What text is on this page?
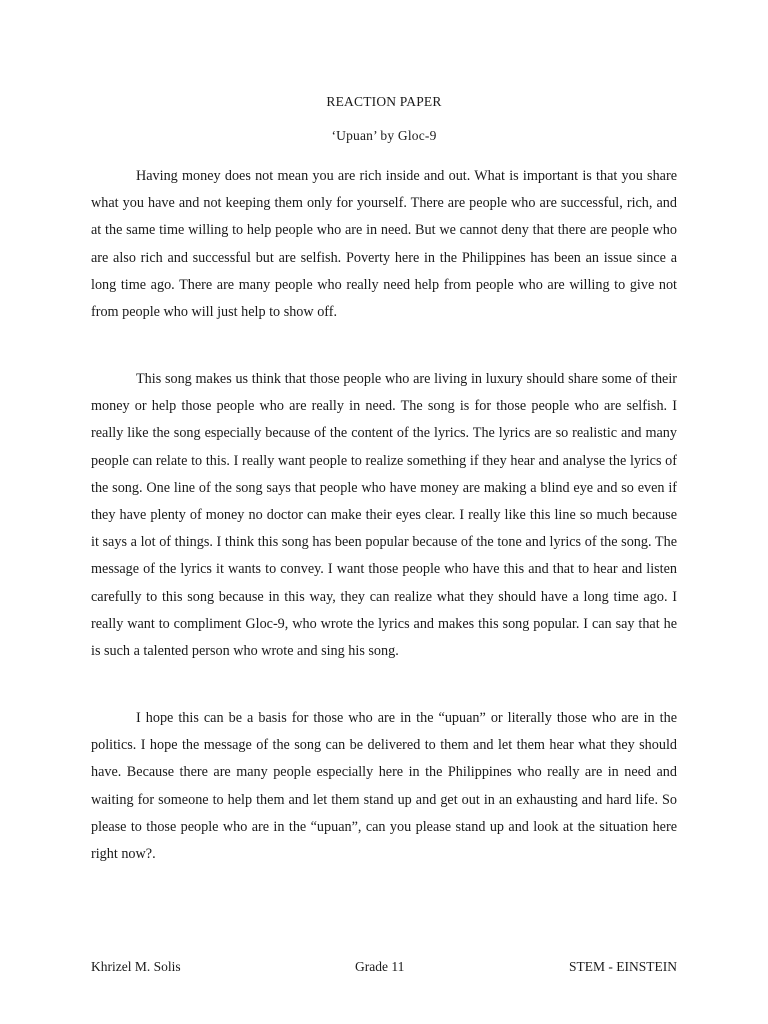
REACTION PAPER
‘Upuan’ by Gloc-9

Having money does not mean you are rich inside and out. What is important is that you share what you have and not keeping them only for yourself. There are people who are successful, rich, and at the same time willing to help people who are in need. But we cannot deny that there are people who are also rich and successful but are selfish. Poverty here in the Philippines has been an issue since a long time ago. There are many people who really need help from people who are willing to give not from people who will just help to show off.

This song makes us think that those people who are living in luxury should share some of their money or help those people who are really in need. The song is for those people who are selfish. I really like the song especially because of the content of the lyrics. The lyrics are so realistic and many people can relate to this. I really want people to realize something if they hear and analyse the lyrics of the song. One line of the song says that people who have money are making a blind eye and so even if they have plenty of money no doctor can make their eyes clear. I really like this line so much because it says a lot of things. I think this song has been popular because of the tone and lyrics of the song. The message of the lyrics it wants to convey. I want those people who have this and that to hear and listen carefully to this song because in this way, they can realize what they should have a long time ago. I really want to compliment Gloc-9, who wrote the lyrics and makes this song popular. I can say that he is such a talented person who wrote and sing his song.

I hope this can be a basis for those who are in the “upuan” or literally those who are in the politics. I hope the message of the song can be delivered to them and let them hear what they should have. Because there are many people especially here in the Philippines who really are in need and waiting for someone to help them and let them stand up and get out in an exhausting and hard life. So please to those people who are in the “upuan”, can you please stand up and look at the situation here right now?.

Khrizel M. Solis	Grade 11	STEM - EINSTEIN
